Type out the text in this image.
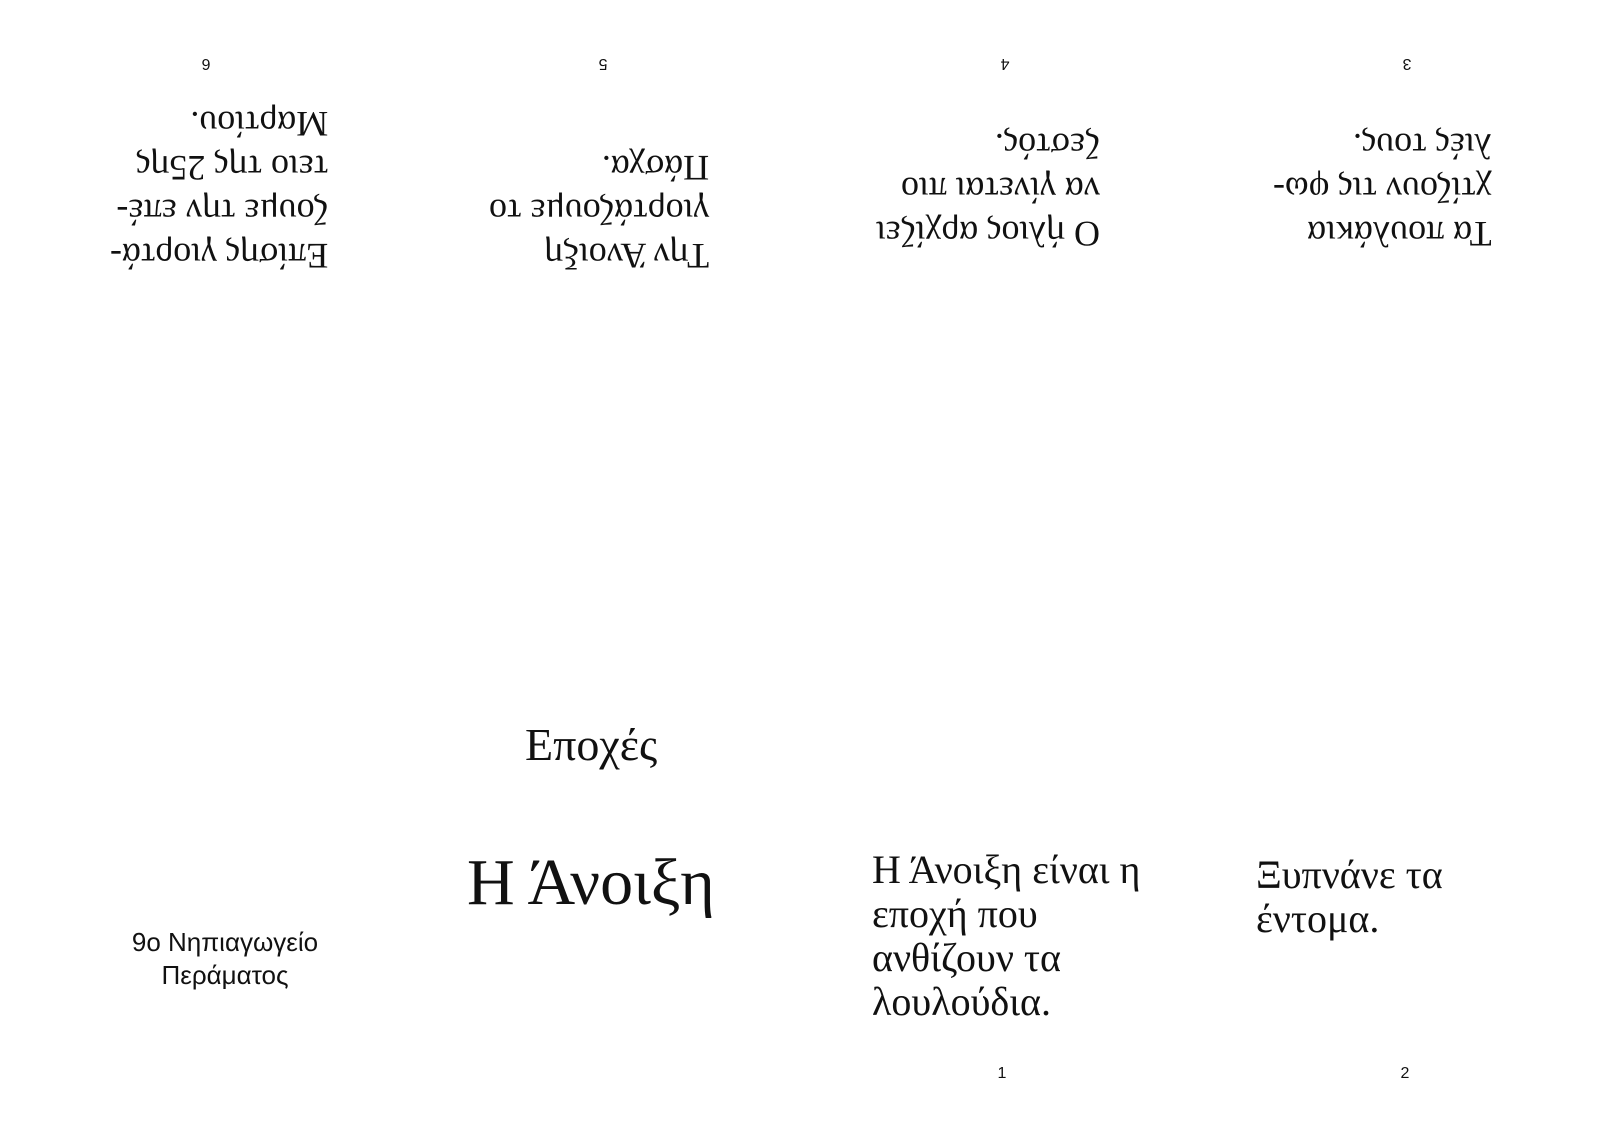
3
Τα πουλάκια
χτίζουν τις φω-
λιές τους.
4
Ο ήλιος αρχίζει
να γίνεται πιο
ζεστός.
5
Την Άνοιξη
γιορτάζουμε το
Πάσχα.
6
Επίσης γιορτά-
ζουμε την επέ-
τειο της 25ης
Μαρτίου.
Εποχές
Η Άνοιξη
9ο Νηπιαγωγείο
Περάματος
Η Άνοιξη είναι η
εποχή που
ανθίζουν τα
λουλούδια.
1
Ξυπνάνε τα
έντομα.
2
